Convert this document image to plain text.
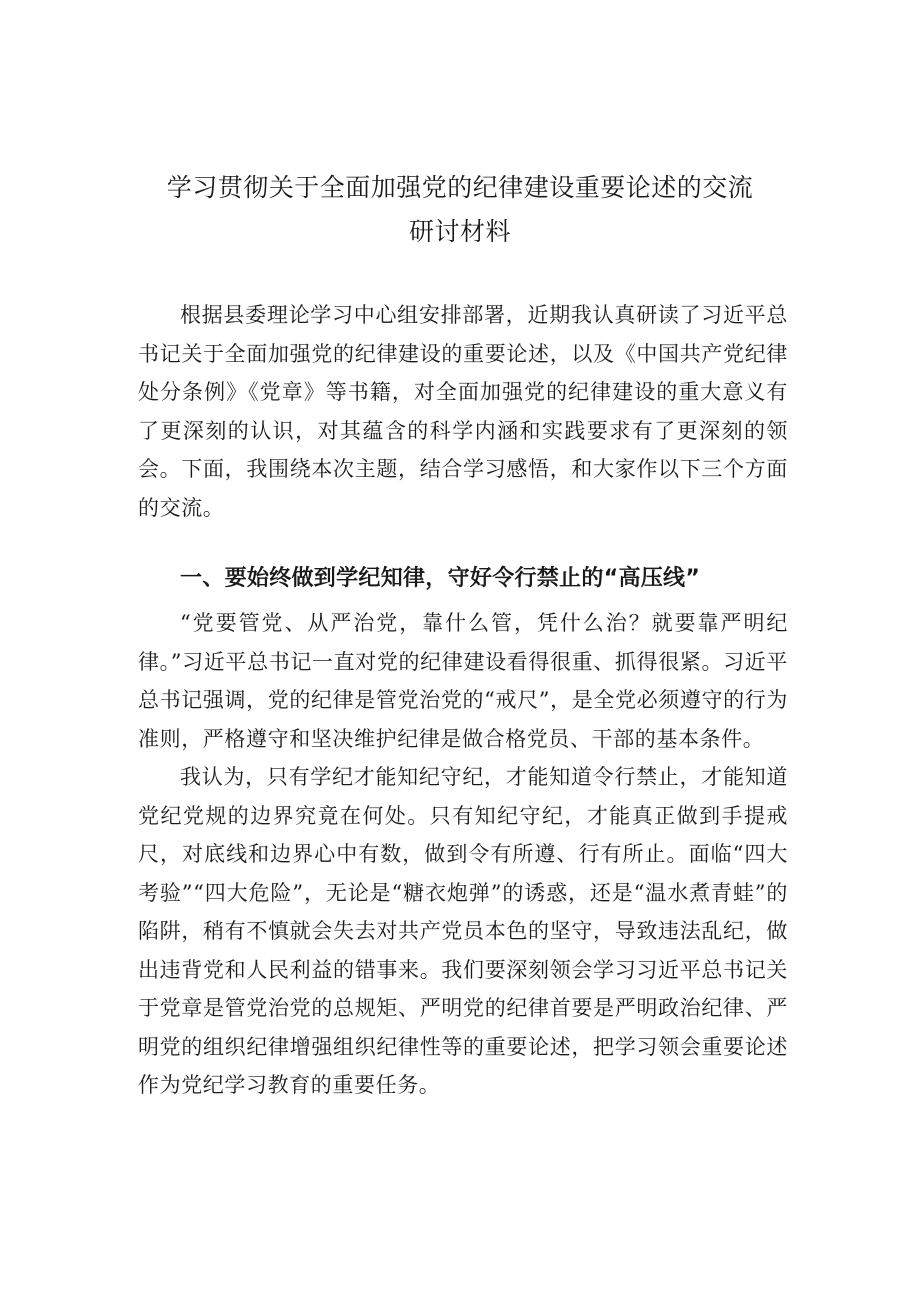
学习贯彻关于全面加强党的纪律建设重要论述的交流
研讨材料

根据县委理论学习中心组安排部署，近期我认真研读了习近平总书记关于全面加强党的纪律建设的重要论述，以及《中国共产党纪律处分条例》《党章》等书籍，对全面加强党的纪律建设的重大意义有了更深刻的认识，对其蕴含的科学内涵和实践要求有了更深刻的领会。下面，我围绕本次主题，结合学习感悟，和大家作以下三个方面的交流。

一、要始终做到学纪知律，守好令行禁止的“高压线”

“党要管党、从严治党，靠什么管，凭什么治？就要靠严明纪律。”习近平总书记一直对党的纪律建设看得很重、抓得很紧。习近平总书记强调，党的纪律是管党治党的“戒尺”，是全党必须遵守的行为准则，严格遵守和坚决维护纪律是做合格党员、干部的基本条件。

我认为，只有学纪才能知纪守纪，才能知道令行禁止，才能知道党纪党规的边界究竟在何处。只有知纪守纪，才能真正做到手提戒尺，对底线和边界心中有数，做到令有所遵、行有所止。面临“四大考验”“四大危险”，无论是“糖衣炮弹”的诱惑，还是“温水煮青蛙”的陷阱，稍有不慎就会失去对共产党员本色的坚守，导致违法乱纪，做出违背党和人民利益的错事来。我们要深刻领会学习习近平总书记关于党章是管党治党的总规矩、严明党的纪律首要是严明政治纪律、严明党的组织纪律增强组织纪律性等的重要论述，把学习领会重要论述作为党纪学习教育的重要任务。
